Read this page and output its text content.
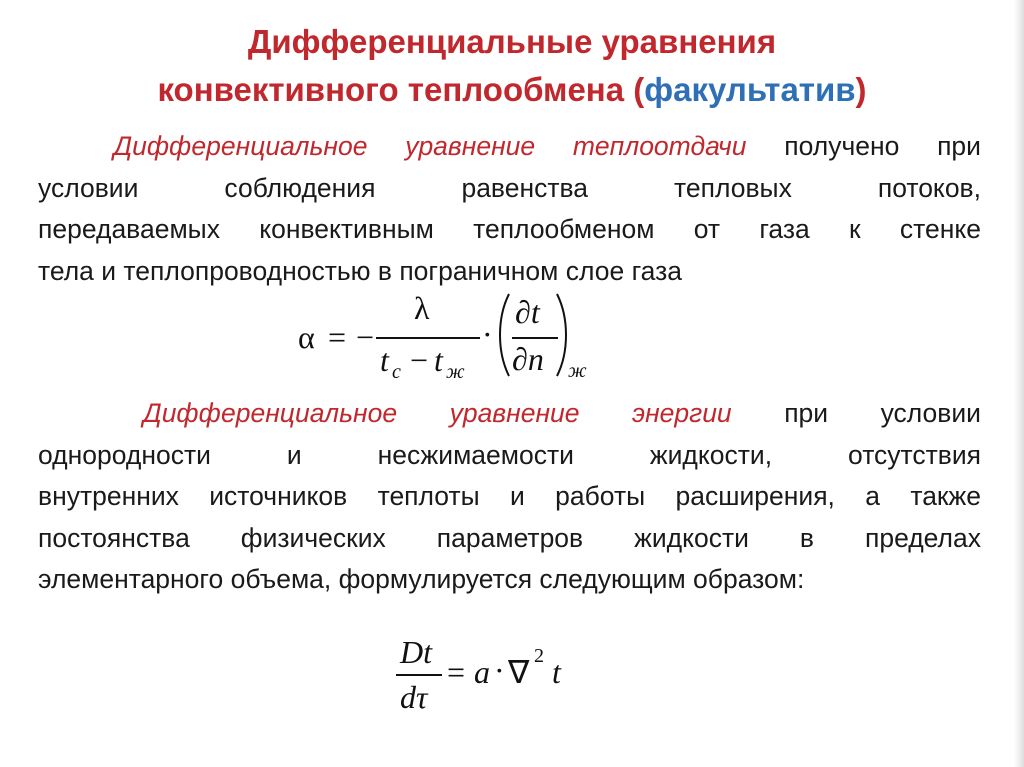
Дифференциальные уравнения
конвективного теплообмена (факультатив)
Дифференциальное уравнение теплоотдачи получено при
условии соблюдения равенства тепловых потоков,
передаваемых конвективным теплообменом от газа к стенке
тела и теплопроводностью в пограничном слое газа
α = −
λ
t с − t ж
·
∂t
∂n ж
Дифференциальное уравнение энергии при условии
однородности и несжимаемости жидкости, отсутствия
внутренних источников теплоты и работы расширения, а также
постоянства физических параметров жидкости в пределах
элементарного объема, формулируется следующим образом:
Dt
dτ
= a · ∇ 2 t
